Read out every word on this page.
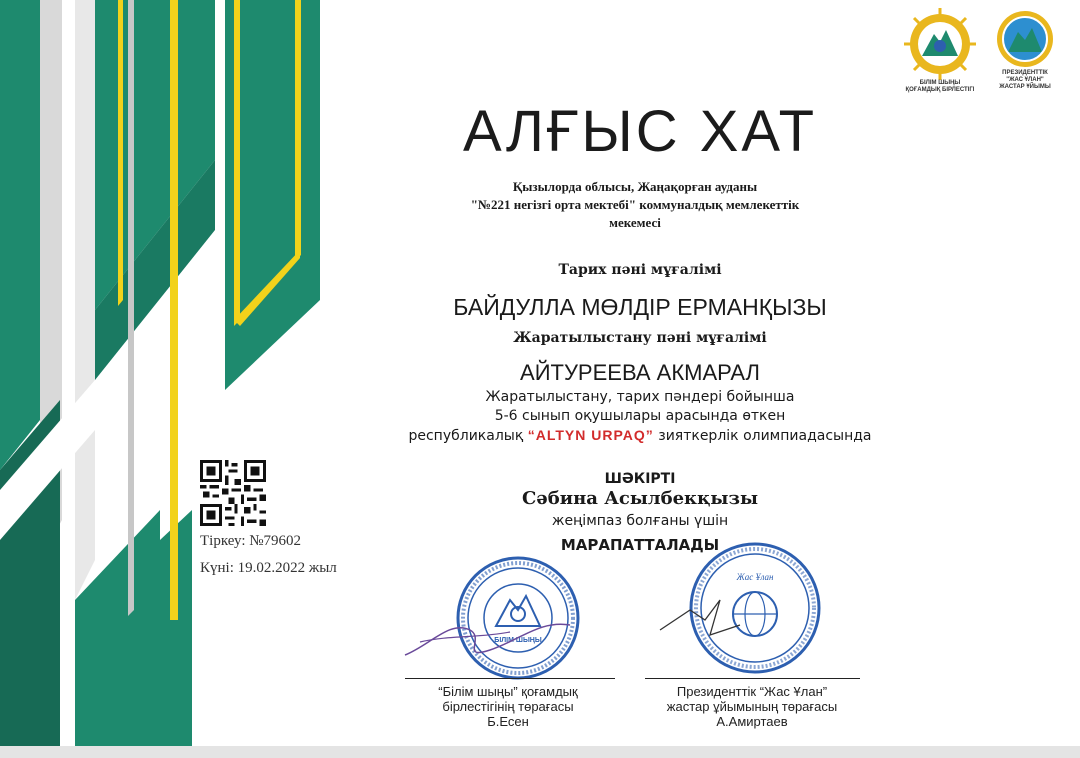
БІЛІМ ШЫҢЫ
ҚОҒАМДЫҚ БІРЛЕСТІГІ
ПРЕЗИДЕНТТІК
"ЖАС ҰЛАН"
ЖАСТАР ҰЙЫМЫ
АЛҒЫС ХАТ
Қызылорда облысы, Жаңақорған ауданы
"№221 негізгі орта мектебі" коммуналдық мемлекеттік
мекемесі
Тарих пәні мұғалімі
БАЙДУЛЛА МӨЛДІР ЕРМАНҚЫЗЫ
Жаратылыстану пәні мұғалімі
АЙТУРЕЕВА АКМАРАЛ
Жаратылыстану, тарих пәндері бойынша
5-6 сынып оқушылары арасында өткен
республикалық “ALTYN URPAQ” зияткерлік олимпиадасында
ШӘКІРТІ
Сәбина Асылбекқызы
жеңімпаз болғаны үшін
МАРАПАТТАЛАДЫ
Тіркеу: №79602
Күні: 19.02.2022 жыл
БІЛІМ ШЫҢЫ
Жас Ұлан
“Білім шыңы” қоғамдық
бірлестігінің төрағасы
Б.Есен
Президенттік “Жас Ұлан”
жастар ұйымының төрағасы
А.Амиртаев
